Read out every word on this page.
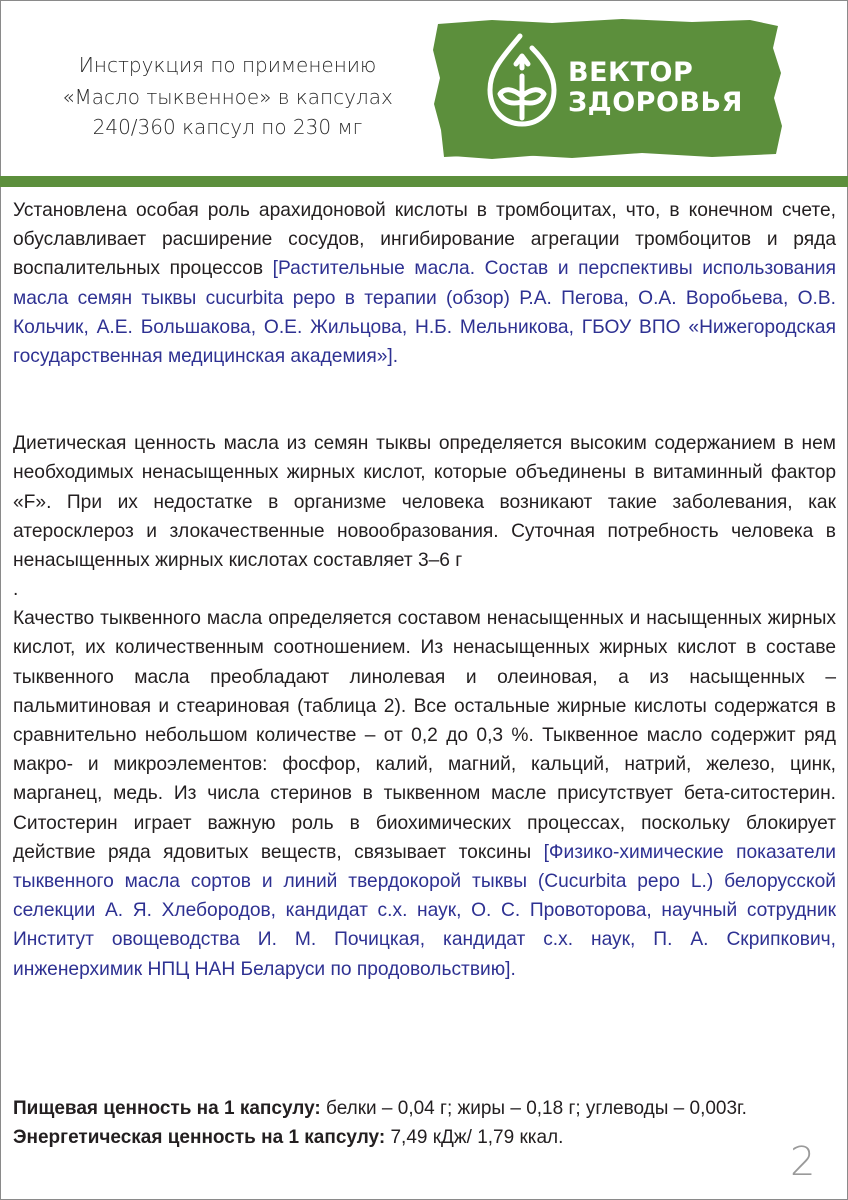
Инструкция по применению
«Масло тыквенное» в капсулах
240/360 капсул по 230 мг
ВЕКТОР
ЗДОРОВЬЯ

Установлена особая роль арахидоновой кислоты в тромбоцитах, что, в конечном счете, обуславливает расширение сосудов, ингибирование агрегации тромбоцитов и ряда воспалительных процессов [Растительные масла. Состав и перспективы использования масла семян тыквы cucurbita pepo в терапии (обзор) Р.А. Пегова, О.А. Воробьева, О.В. Кольчик, А.Е. Большакова, О.Е. Жильцова, Н.Б. Мельникова, ГБОУ ВПО «Нижегородская государственная медицинская академия»].

Диетическая ценность масла из семян тыквы определяется высоким содержанием в нем необходимых ненасыщенных жирных кислот, которые объединены в витаминный фактор «F». При их недостатке в организме человека возникают такие заболевания, как атеросклероз и злокачественные новообразования. Суточная потребность человека в ненасыщенных жирных кислотах составляет 3–6 г

.

Качество тыквенного масла определяется составом ненасыщенных и насыщенных жирных кислот, их количественным соотношением. Из ненасыщенных жирных кислот в составе тыквенного масла преобладают линолевая и олеиновая, а из насыщенных – пальмитиновая и стеариновая (таблица 2). Все остальные жирные кислоты содержатся в сравнительно небольшом количестве – от 0,2 до 0,3 %. Тыквенное масло содержит ряд макро- и микроэлементов: фосфор, калий, магний, кальций, натрий, железо, цинк, марганец, медь. Из числа стеринов в тыквенном масле присутствует бета-ситостерин. Ситостерин играет важную роль в биохимических процессах, поскольку блокирует действие ряда ядовитых веществ, связывает токсины [Физико-химические показатели тыквенного масла сортов и линий твердокорой тыквы (Cucurbita pepo L.) белорусской селекции А. Я. Хлебородов, кандидат с.х. наук, О. С. Провоторова, научный сотрудник Институт овощеводства И. М. Почицкая, кандидат с.х. наук, П. А. Скрипкович, инженерхимик НПЦ НАН Беларуси по продовольствию].

Пищевая ценность на 1 капсулу: белки – 0,04 г; жиры – 0,18 г; углеводы – 0,003г.
Энергетическая ценность на 1 капсулу: 7,49 кДж/ 1,79 ккал.
2
